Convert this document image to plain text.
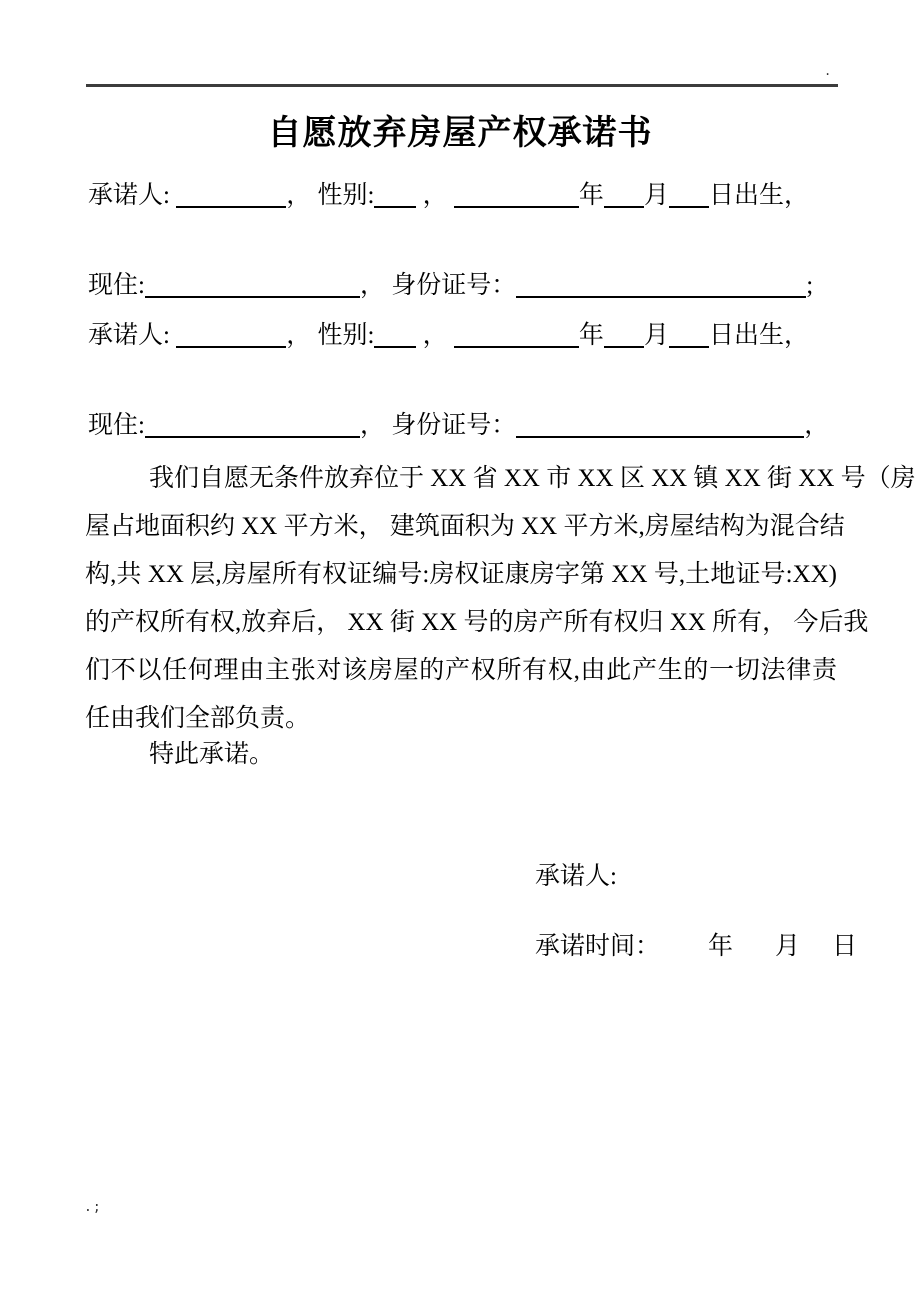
.
自愿放弃房屋产权承诺书
承诺人:	， 性别: ，	年 月 日出生，
现住:	， 身份证号：	;
承诺人:	， 性别: ，	年 月 日出生，
现住:	， 身份证号：	，
我们自愿无条件放弃位于 XX 省 XX 市 XX 区 XX 镇 XX 街 XX 号（房
屋占地面积约 XX 平方米， 建筑面积为 XX 平方米,房屋结构为混合结
构,共 XX 层,房屋所有权证编号:房权证康房字第 XX 号,土地证号:XX)
的产权所有权,放弃后， XX 街 XX 号的房产所有权归 XX 所有， 今后我
们不以任何理由主张对该房屋的产权所有权,由此产生的一切法律责
任由我们全部负责。
特此承诺。

承诺人:

承诺时间： 年 月 日

.;
